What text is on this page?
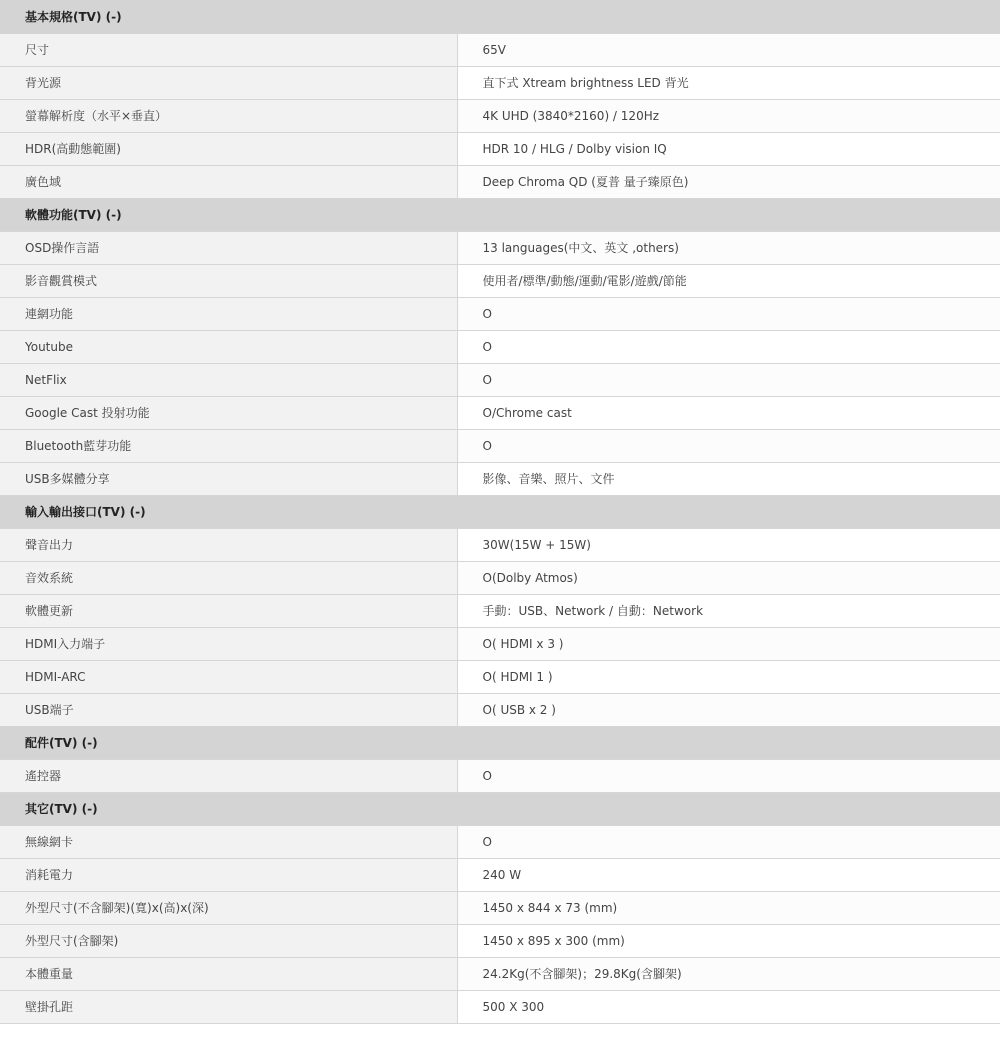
基本規格(TV) (-)	
尺寸	65V
背光源	直下式 Xtream brightness LED 背光
螢幕解析度（水平×垂直）	4K UHD (3840*2160) / 120Hz
HDR(高動態範圍)	HDR 10 / HLG / Dolby vision IQ
廣色域	Deep Chroma QD (夏普 量子臻原色)
軟體功能(TV) (-)	
OSD操作言語	13 languages(中文、英文 ,others)
影音觀賞模式	使用者/標準/動態/運動/電影/遊戲/節能
連網功能	O
Youtube	O
NetFlix	O
Google Cast 投射功能	O/Chrome cast
Bluetooth藍芽功能	O
USB多媒體分享	影像、音樂、照片、文件
輸入輸出接口(TV) (-)	
聲音出力	30W(15W + 15W)
音效系統	O(Dolby Atmos)
軟體更新	手動：USB、Network / 自動：Network
HDMI入力端子	O( HDMI x 3 )
HDMI-ARC	O( HDMI 1 )
USB端子	O( USB x 2 )
配件(TV) (-)	
遙控器	O
其它(TV) (-)	
無線網卡	O
消耗電力	240 W
外型尺寸(不含腳架)(寬)x(高)x(深)	1450 x 844 x 73 (mm)
外型尺寸(含腳架)	1450 x 895 x 300 (mm)
本體重量	24.2Kg(不含腳架)；29.8Kg(含腳架)
壁掛孔距	500 X 300
